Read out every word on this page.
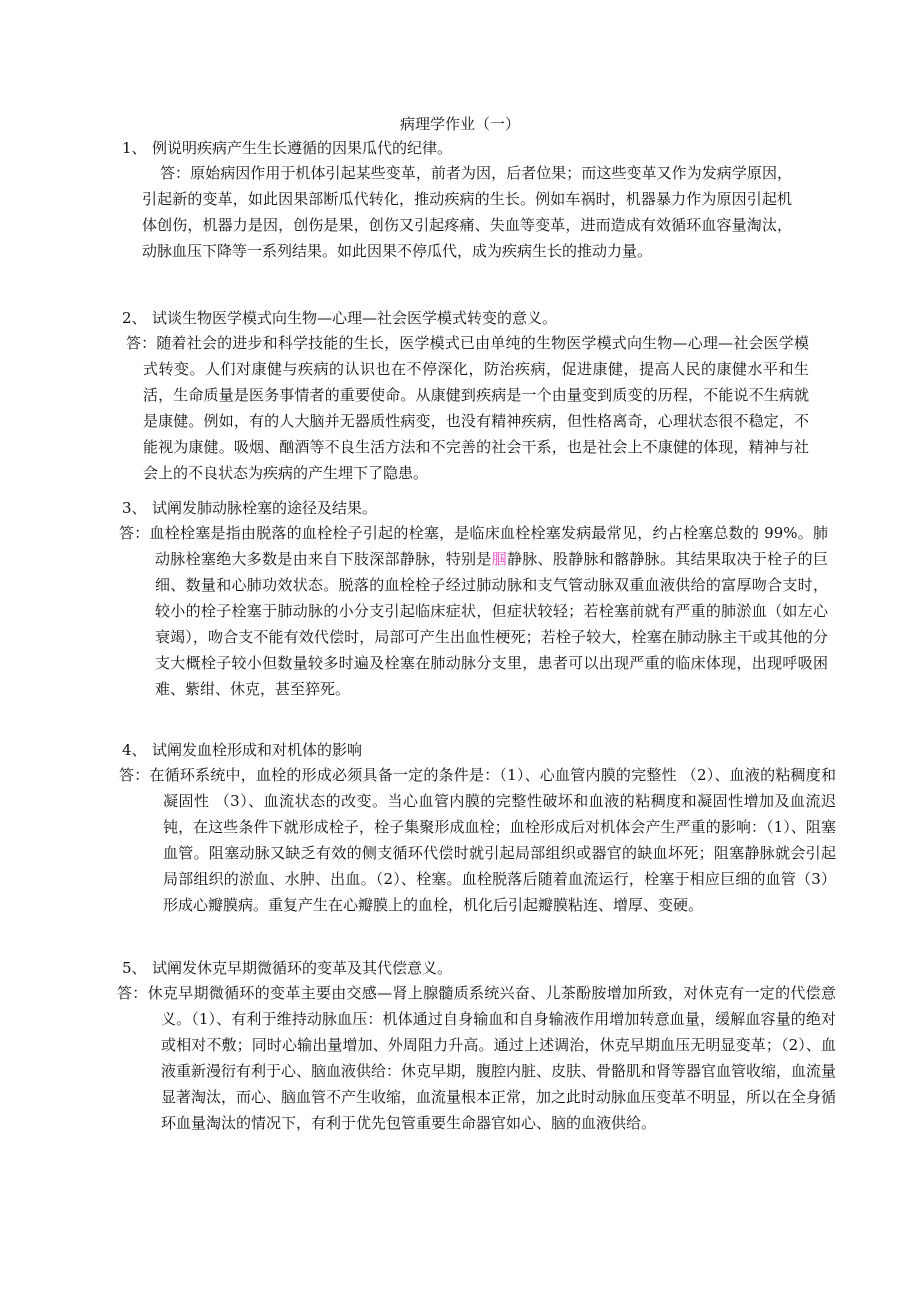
病理学作业（一）
1、 例说明疾病产生生长遵循的因果瓜代的纪律。
答：原始病因作用于机体引起某些变革，前者为因，后者位果；而这些变革又作为发病学原因，引起新的变革，如此因果部断瓜代转化，推动疾病的生长。例如车祸时，机器暴力作为原因引起机体创伤，机器力是因，创伤是果，创伤又引起疼痛、失血等变革，进而造成有效循环血容量淘汰，动脉血压下降等一系列结果。如此因果不停瓜代，成为疾病生长的推动力量。
2、 试谈生物医学模式向生物—心理—社会医学模式转变的意义。
答：随着社会的进步和科学技能的生长，医学模式已由单纯的生物医学模式向生物—心理—社会医学模式转变。人们对康健与疾病的认识也在不停深化，防治疾病，促进康健，提高人民的康健水平和生活，生命质量是医务事情者的重要使命。从康健到疾病是一个由量变到质变的历程，不能说不生病就是康健。例如，有的人大脑并无器质性病变，也没有精神疾病，但性格离奇，心理状态很不稳定，不能视为康健。吸烟、酗酒等不良生活方法和不完善的社会干系，也是社会上不康健的体现，精神与社会上的不良状态为疾病的产生埋下了隐患。
3、 试阐发肺动脉栓塞的途径及结果。
答：血栓栓塞是指由脱落的血栓栓子引起的栓塞，是临床血栓栓塞发病最常见，约占栓塞总数的 99%。肺动脉栓塞绝大多数是由来自下肢深部静脉，特别是腘静脉、股静脉和髂静脉。其结果取决于栓子的巨细、数量和心肺功效状态。脱落的血栓栓子经过肺动脉和支气管动脉双重血液供给的富厚吻合支时，较小的栓子栓塞于肺动脉的小分支引起临床症状，但症状较轻；若栓塞前就有严重的肺淤血（如左心衰竭），吻合支不能有效代偿时，局部可产生出血性梗死；若栓子较大，栓塞在肺动脉主干或其他的分支大概栓子较小但数量较多时遍及栓塞在肺动脉分支里，患者可以出现严重的临床体现，出现呼吸困难、紫绀、休克，甚至猝死。
4、 试阐发血栓形成和对机体的影响
答：在循环系统中，血栓的形成必须具备一定的条件是：（1）、心血管内膜的完整性 （2）、血液的粘稠度和凝固性 （3）、血流状态的改变。当心血管内膜的完整性破坏和血液的粘稠度和凝固性增加及血流迟钝，在这些条件下就形成栓子，栓子集聚形成血栓；血栓形成后对机体会产生严重的影响：（1）、阻塞血管。阻塞动脉又缺乏有效的侧支循环代偿时就引起局部组织或器官的缺血坏死；阻塞静脉就会引起局部组织的淤血、水肿、出血。（2）、栓塞。血栓脱落后随着血流运行，栓塞于相应巨细的血管（3）形成心瓣膜病。重复产生在心瓣膜上的血栓，机化后引起瓣膜粘连、增厚、变硬。
5、 试阐发休克早期微循环的变革及其代偿意义。
答：休克早期微循环的变革主要由交感—肾上腺髓质系统兴奋、儿茶酚胺增加所致，对休克有一定的代偿意义。（1）、有利于维持动脉血压：机体通过自身输血和自身输液作用增加转意血量，缓解血容量的绝对或相对不敷；同时心输出量增加、外周阻力升高。通过上述调治，休克早期血压无明显变革；（2）、血液重新漫衍有利于心、脑血液供给：休克早期，腹腔内脏、皮肤、骨骼肌和肾等器官血管收缩，血流量显著淘汰，而心、脑血管不产生收缩，血流量根本正常，加之此时动脉血压变革不明显，所以在全身循环血量淘汰的情况下，有利于优先包管重要生命器官如心、脑的血液供给。
